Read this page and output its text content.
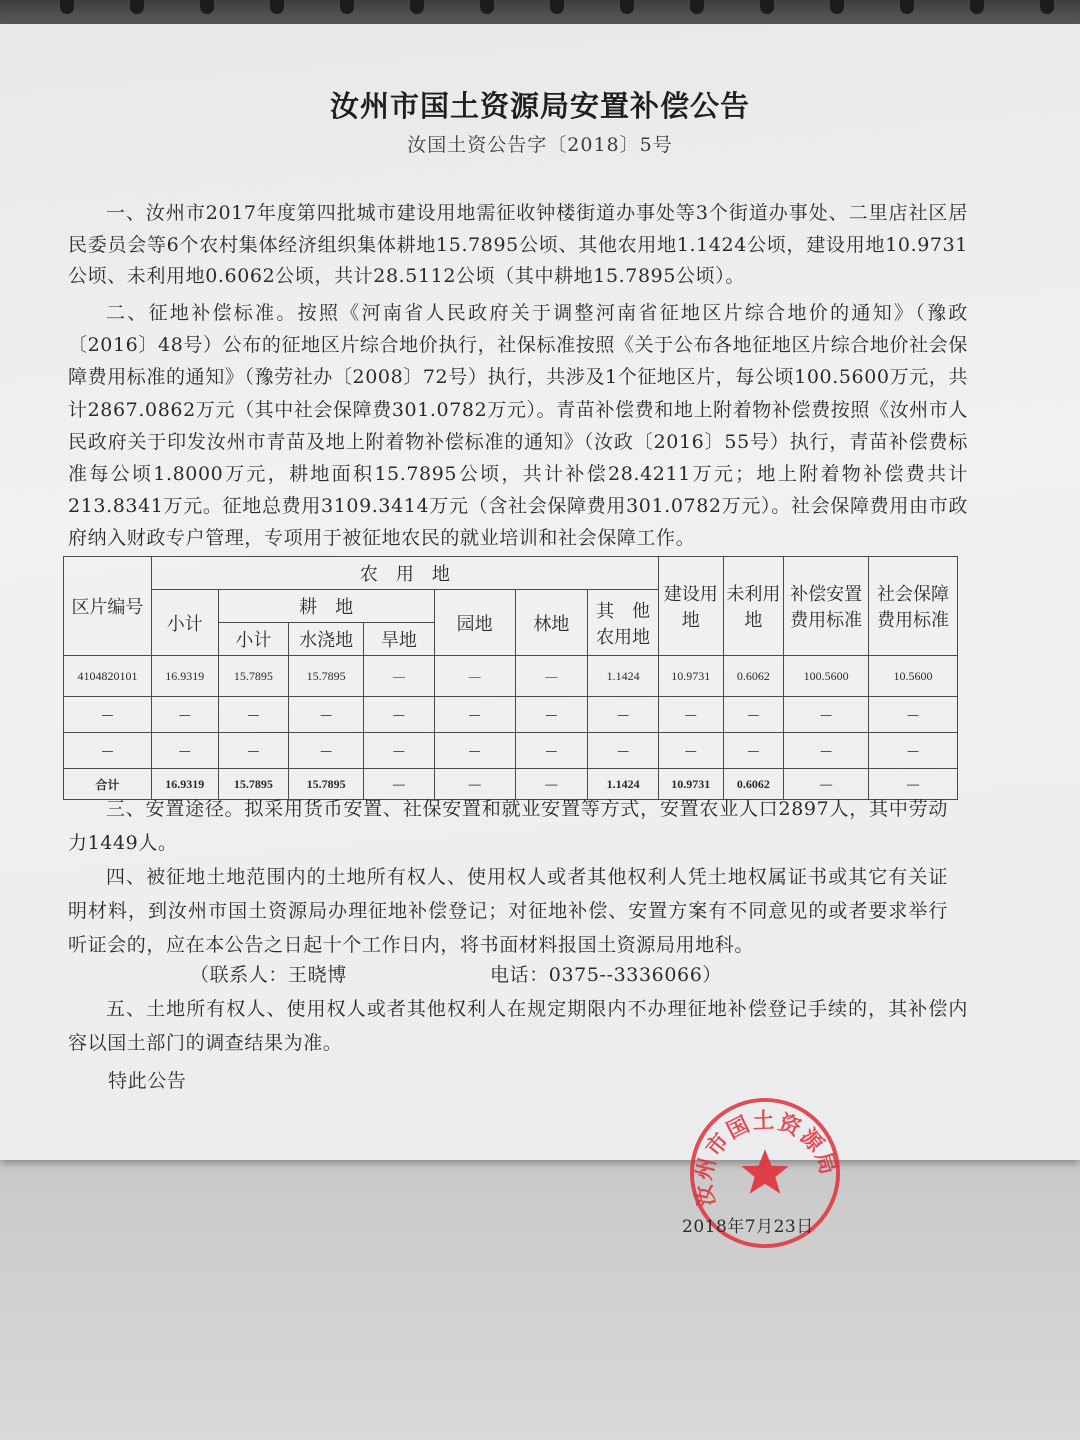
汝州市国土资源局安置补偿公告
汝国土资公告字〔2018〕5号
一、汝州市2017年度第四批城市建设用地需征收钟楼街道办事处等3个街道办事处、二里店社区居民委员会等6个农村集体经济组织集体耕地15.7895公顷、其他农用地1.1424公顷，建设用地10.9731公顷、未利用地0.6062公顷，共计28.5112公顷（其中耕地15.7895公顷）。
二、征地补偿标准。按照《河南省人民政府关于调整河南省征地区片综合地价的通知》（豫政〔2016〕48号）公布的征地区片综合地价执行，社保标准按照《关于公布各地征地区片综合地价社会保障费用标准的通知》（豫劳社办〔2008〕72号）执行，共涉及1个征地区片，每公顷100.5600万元，共计2867.0862万元（其中社会保障费301.0782万元）。青苗补偿费和地上附着物补偿费按照《汝州市人民政府关于印发汝州市青苗及地上附着物补偿标准的通知》（汝政〔2016〕55号）执行，青苗补偿费标准每公顷1.8000万元，耕地面积15.7895公顷，共计补偿28.4211万元；地上附着物补偿费共计213.8341万元。征地总费用3109.3414万元（含社会保障费用301.0782万元）。社会保障费用由市政府纳入财政专户管理，专项用于被征地农民的就业培训和社会保障工作。
区片编号	农　用　地							建设用地	未利用地	补偿安置费用标准	社会保障费用标准
	小计	耕　地			园地	林地	其　他农用地				
		小计	水浇地	旱地							
4104820101	16.9319	15.7895	15.7895	—	—	—	1.1424	10.9731	0.6062	100.5600	10.5600
—	—	—	—	—	—	—	—	—	—	—	—
—	—	—	—	—	—	—	—	—	—	—	—
合计	16.9319	15.7895	15.7895	—	—	—	1.1424	10.9731	0.6062	—	—
三、安置途径。拟采用货币安置、社保安置和就业安置等方式，安置农业人口2897人，其中劳动力1449人。
四、被征地土地范围内的土地所有权人、使用权人或者其他权利人凭土地权属证书或其它有关证明材料，到汝州市国土资源局办理征地补偿登记；对征地补偿、安置方案有不同意见的或者要求举行听证会的，应在本公告之日起十个工作日内，将书面材料报国土资源局用地科。
（联系人：王晓博	电话：0375--3336066）
五、土地所有权人、使用权人或者其他权利人在规定期限内不办理征地补偿登记手续的，其补偿内容以国土部门的调查结果为准。
特此公告
汝州市国土资源局
2018年7月23日
